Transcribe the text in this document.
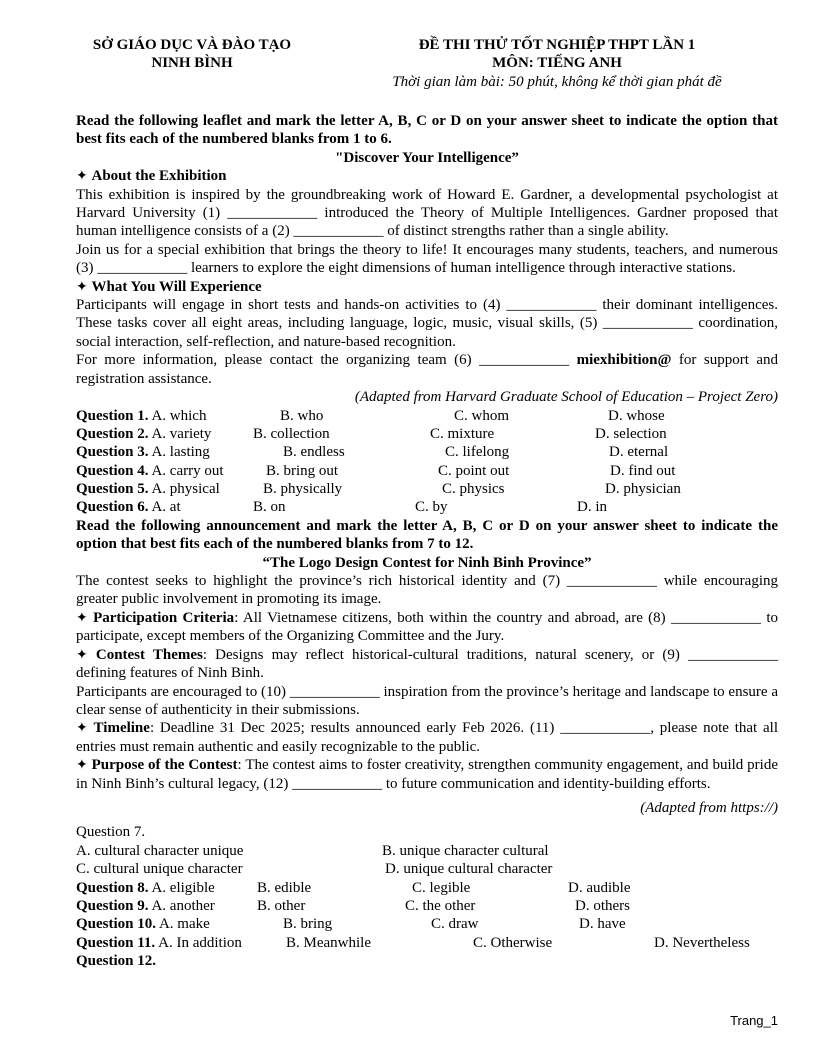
SỞ GIÁO DỤC VÀ ĐÀO TẠO
NINH BÌNH
ĐỀ THI THỬ TỐT NGHIỆP THPT LẦN 1
MÔN: TIẾNG ANH
Thời gian làm bài: 50 phút, không kể thời gian phát đề

Read the following leaflet and mark the letter A, B, C or D on your answer sheet to indicate the option that best fits each of the numbered blanks from 1 to 6.

"Discover Your Intelligence”

✦ About the Exhibition

This exhibition is inspired by the groundbreaking work of Howard E. Gardner, a developmental psychologist at Harvard University (1) ____________ introduced the Theory of Multiple Intelligences. Gardner proposed that human intelligence consists of a (2) ____________ of distinct strengths rather than a single ability.

Join us for a special exhibition that brings the theory to life! It encourages many students, teachers, and numerous (3) ____________ learners to explore the eight dimensions of human intelligence through interactive stations.

✦ What You Will Experience

Participants will engage in short tests and hands-on activities to (4) ____________ their dominant intelligences. These tasks cover all eight areas, including language, logic, music, visual skills, (5) ____________ coordination, social interaction, self-reflection, and nature-based recognition.

For more information, please contact the organizing team (6) ____________ miexhibition@ for support and registration assistance.

(Adapted from Harvard Graduate School of Education – Project Zero)

Question 1. A. which	B. who	C. whom	D. whose
Question 2. A. variety	B. collection	C. mixture	D. selection
Question 3. A. lasting	B. endless	C. lifelong	D. eternal
Question 4. A. carry out	B. bring out	C. point out	D. find out
Question 5. A. physical	B. physically	C. physics	D. physician
Question 6. A. at	B. on	C. by	D. in

Read the following announcement and mark the letter A, B, C or D on your answer sheet to indicate the option that best fits each of the numbered blanks from 7 to 12.

“The Logo Design Contest for Ninh Binh Province”

The contest seeks to highlight the province’s rich historical identity and (7) ____________ while encouraging greater public involvement in promoting its image.

✦ Participation Criteria: All Vietnamese citizens, both within the country and abroad, are (8) ____________ to participate, except members of the Organizing Committee and the Jury.

✦ Contest Themes: Designs may reflect historical-cultural traditions, natural scenery, or (9) ____________ defining features of Ninh Binh.

Participants are encouraged to (10) ____________ inspiration from the province’s heritage and landscape to ensure a clear sense of authenticity in their submissions.

✦ Timeline: Deadline 31 Dec 2025; results announced early Feb 2026. (11) ____________, please note that all entries must remain authentic and easily recognizable to the public.

✦ Purpose of the Contest: The contest aims to foster creativity, strengthen community engagement, and build pride in Ninh Binh’s cultural legacy, (12) ____________ to future communication and identity-building efforts.

(Adapted from https://)

Question 7.

A. cultural character unique	B. unique character cultural
C. cultural unique character	D. unique cultural character
Question 8. A. eligible	B. edible	C. legible	D. audible
Question 9. A. another	B. other	C. the other	D. others
Question 10. A. make	B. bring	C. draw	D. have
Question 11. A. In addition	B. Meanwhile	C. Otherwise	D. Nevertheless

Question 12.

Trang_1
